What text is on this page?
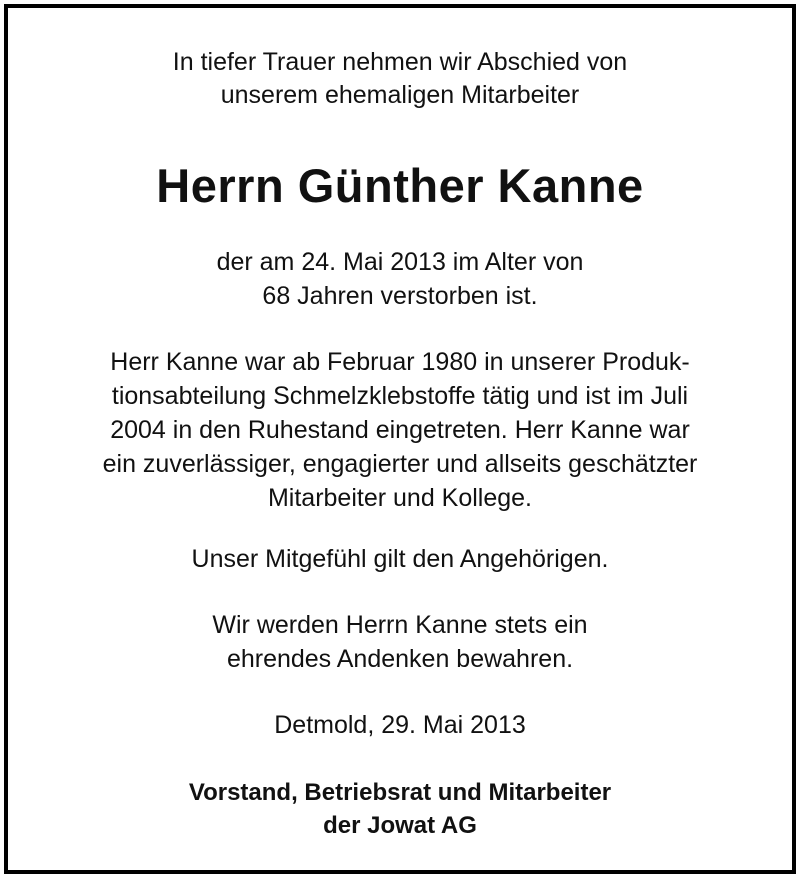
In tiefer Trauer nehmen wir Abschied von
unserem ehemaligen Mitarbeiter
Herrn Günther Kanne
der am 24. Mai 2013 im Alter von
68 Jahren verstorben ist.
Herr Kanne war ab Februar 1980 in unserer Produk-
tionsabteilung Schmelzklebstoffe tätig und ist im Juli
2004 in den Ruhestand eingetreten. Herr Kanne war
ein zuverlässiger, engagierter und allseits geschätzter
Mitarbeiter und Kollege.
Unser Mitgefühl gilt den Angehörigen.
Wir werden Herrn Kanne stets ein
ehrendes Andenken bewahren.
Detmold, 29. Mai 2013
Vorstand, Betriebsrat und Mitarbeiter
der Jowat AG
